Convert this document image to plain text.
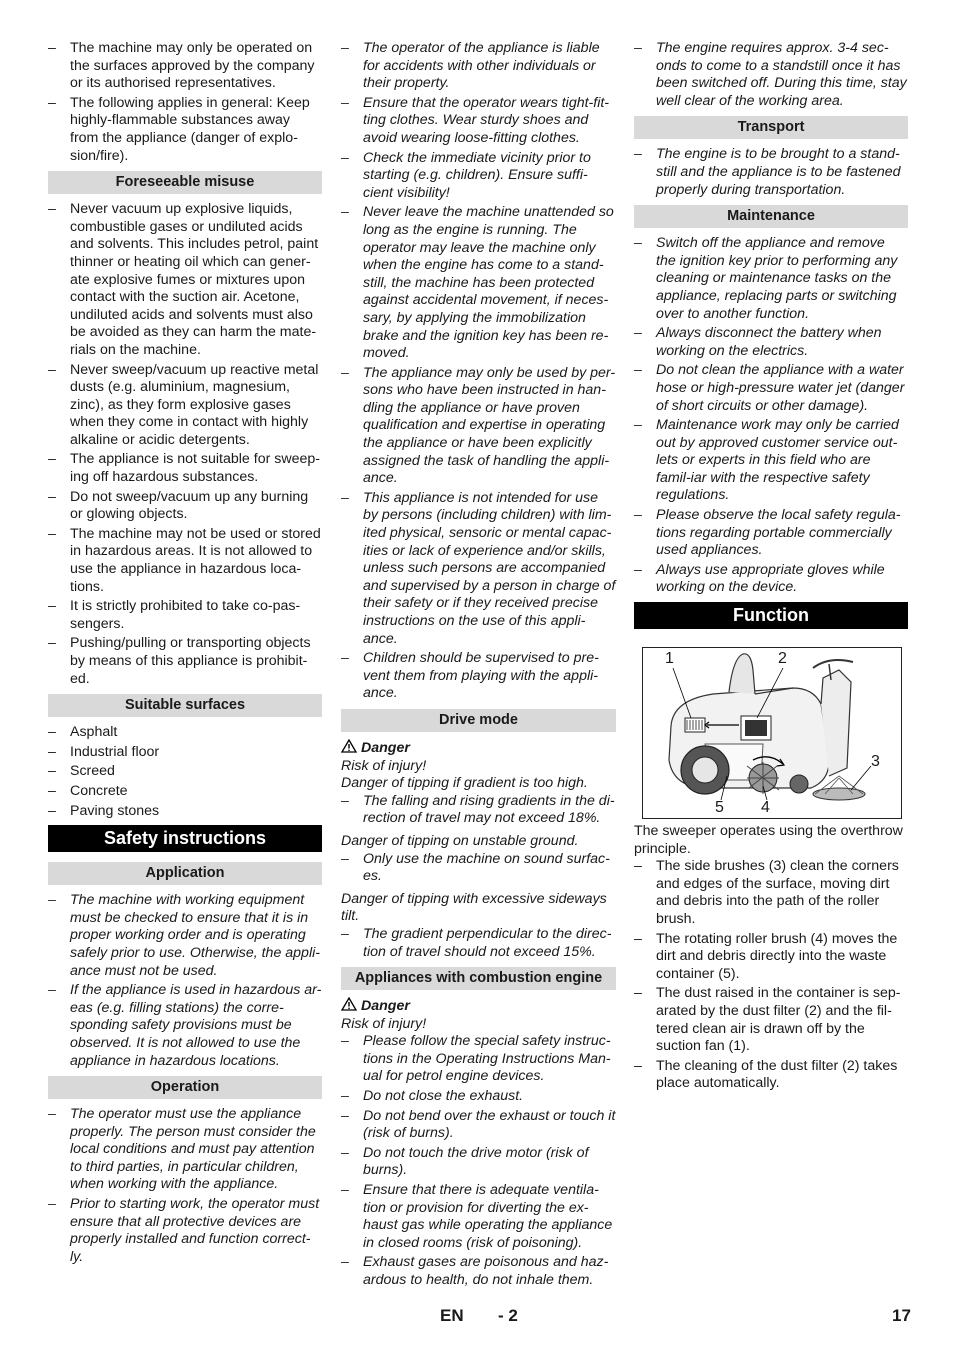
– The machine may only be operated on the surfaces approved by the company or its authorised representatives.
– The following applies in general: Keep highly-flammable substances away from the appliance (danger of explo-sion/fire).
Foreseeable misuse
– Never vacuum up explosive liquids, combustible gases or undiluted acids and solvents. This includes petrol, paint thinner or heating oil which can gener-ate explosive fumes or mixtures upon contact with the suction air. Acetone, undiluted acids and solvents must also be avoided as they can harm the mate-rials on the machine.
– Never sweep/vacuum up reactive metal dusts (e.g. aluminium, magnesium, zinc), as they form explosive gases when they come in contact with highly alkaline or acidic detergents.
– The appliance is not suitable for sweep-ing off hazardous substances.
– Do not sweep/vacuum up any burning or glowing objects.
– The machine may not be used or stored in hazardous areas. It is not allowed to use the appliance in hazardous loca-tions.
– It is strictly prohibited to take co-pas-sengers.
– Pushing/pulling or transporting objects by means of this appliance is prohibit-ed.
Suitable surfaces
– Asphalt
– Industrial floor
– Screed
– Concrete
– Paving stones
Safety instructions
Application
– The machine with working equipment must be checked to ensure that it is in proper working order and is operating safely prior to use. Otherwise, the appli-ance must not be used.
– If the appliance is used in hazardous ar-eas (e.g. filling stations) the corre-sponding safety provisions must be observed. It is not allowed to use the appliance in hazardous locations.
Operation
– The operator must use the appliance properly. The person must consider the local conditions and must pay attention to third parties, in particular children, when working with the appliance.
– Prior to starting work, the operator must ensure that all protective devices are properly installed and function correct-ly.
– The operator of the appliance is liable for accidents with other individuals or their property.
– Ensure that the operator wears tight-fit-ting clothes. Wear sturdy shoes and avoid wearing loose-fitting clothes.
– Check the immediate vicinity prior to starting (e.g. children). Ensure suffi-cient visibility!
– Never leave the machine unattended so long as the engine is running. The operator may leave the machine only when the engine has come to a stand-still, the machine has been protected against accidental movement, if neces-sary, by applying the immobilization brake and the ignition key has been re-moved.
– The appliance may only be used by per-sons who have been instructed in han-dling the appliance or have proven qualification and expertise in operating the appliance or have been explicitly assigned the task of handling the appli-ance.
– This appliance is not intended for use by persons (including children) with lim-ited physical, sensoric or mental capac-ities or lack of experience and/or skills, unless such persons are accompanied and supervised by a person in charge of their safety or if they received precise instructions on the use of this appli-ance.
– Children should be supervised to pre-vent them from playing with the appli-ance.
Drive mode
Danger

Risk of injury!

Danger of tipping if gradient is too high.

– The falling and rising gradients in the di-rection of travel may not exceed 18%.

Danger of tipping on unstable ground.

– Only use the machine on sound surfac-es.

Danger of tipping with excessive sideways tilt.

– The gradient perpendicular to the direc-tion of travel should not exceed 15%.
Appliances with combustion engine
Danger

Risk of injury!

– Please follow the special safety instruc-tions in the Operating Instructions Man-ual for petrol engine devices.
– Do not close the exhaust.
– Do not bend over the exhaust or touch it (risk of burns).
– Do not touch the drive motor (risk of burns).
– Ensure that there is adequate ventila-tion or provision for diverting the ex-haust gas while operating the appliance in closed rooms (risk of poisoning).
– Exhaust gases are poisonous and haz-ardous to health, do not inhale them.
– The engine requires approx. 3-4 sec-onds to come to a standstill once it has been switched off. During this time, stay well clear of the working area.
Transport
– The engine is to be brought to a stand-still and the appliance is to be fastened properly during transportation.
Maintenance
– Switch off the appliance and remove the ignition key prior to performing any cleaning or maintenance tasks on the appliance, replacing parts or switching over to another function.
– Always disconnect the battery when working on the electrics.
– Do not clean the appliance with a water hose or high-pressure water jet (danger of short circuits or other damage).
– Maintenance work may only be carried out by approved customer service out-lets or experts in this field who are famil-iar with the respective safety regulations.
– Please observe the local safety regula-tions regarding portable commercially used appliances.
– Always use appropriate gloves while working on the device.
Function
1	2
3
4
5

The sweeper operates using the overthrow principle.

– The side brushes (3) clean the corners and edges of the surface, moving dirt and debris into the path of the roller brush.
– The rotating roller brush (4) moves the dirt and debris directly into the waste container (5).
– The dust raised in the container is sep-arated by the dust filter (2) and the fil-tered clean air is drawn off by the suction fan (1).
– The cleaning of the dust filter (2) takes place automatically.
EN - 2	17
